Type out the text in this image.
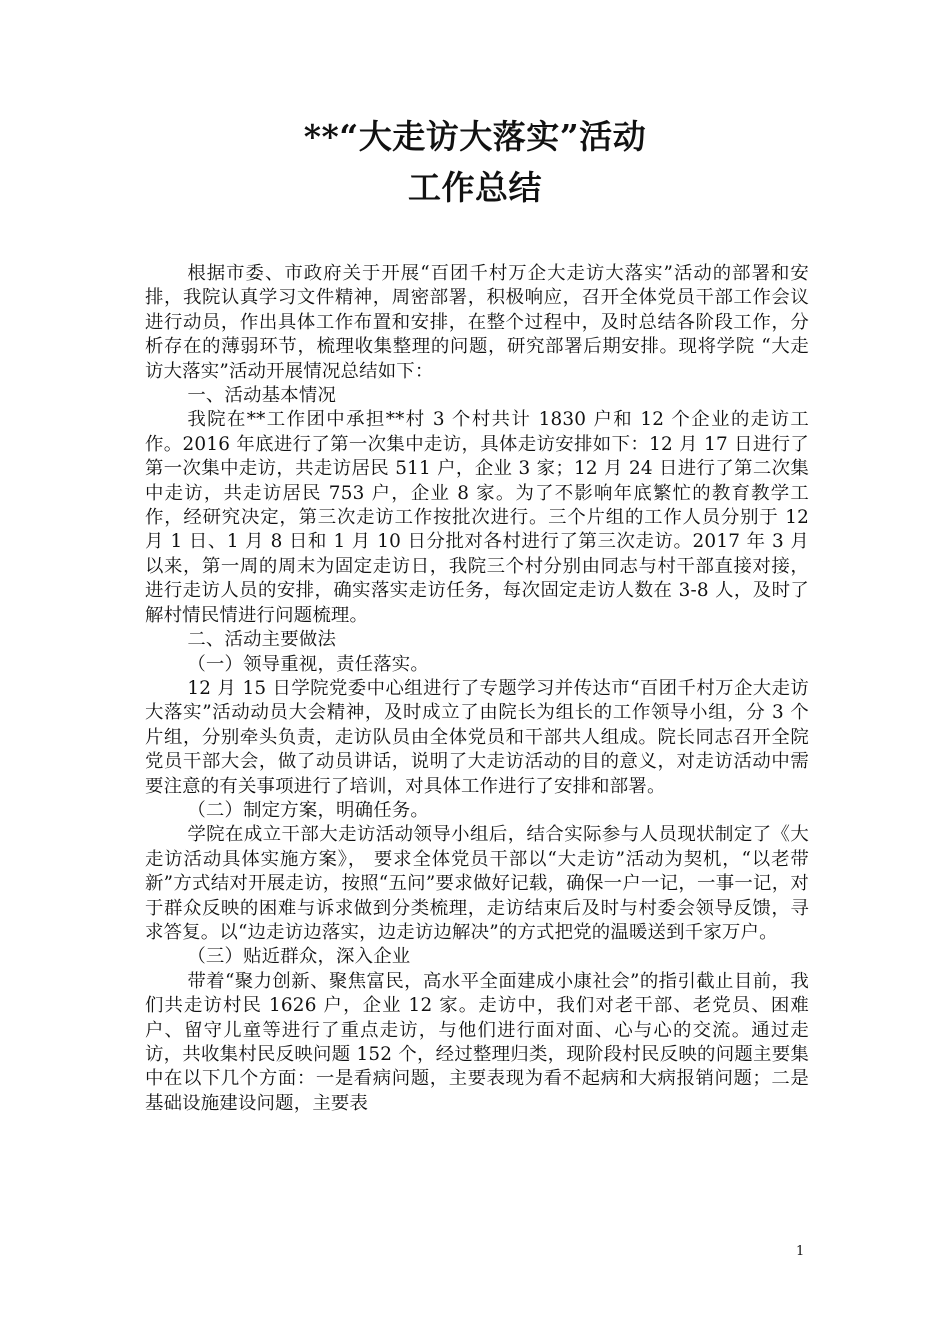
**“大走访大落实”活动
工作总结

根据市委、市政府关于开展“百团千村万企大走访大落实”活动的部署和安排，我院认真学习文件精神，周密部署，积极响应，召开全体党员干部工作会议进行动员，作出具体工作布置和安排，在整个过程中，及时总结各阶段工作，分析存在的薄弱环节，梳理收集整理的问题，研究部署后期安排。现将学院 “大走访大落实”活动开展情况总结如下：

一、活动基本情况

我院在**工作团中承担**村 3 个村共计 1830 户和 12 个企业的走访工作。2016 年底进行了第一次集中走访，具体走访安排如下：12 月 17 日进行了第一次集中走访，共走访居民 511 户，企业 3 家；12 月 24 日进行了第二次集中走访，共走访居民 753 户，企业 8 家。为了不影响年底繁忙的教育教学工作，经研究决定，第三次走访工作按批次进行。三个片组的工作人员分别于 12 月 1 日、1 月 8 日和 1 月 10 日分批对各村进行了第三次走访。2017 年 3 月以来，第一周的周末为固定走访日，我院三个村分别由同志与村干部直接对接，进行走访人员的安排，确实落实走访任务，每次固定走访人数在 3-8 人，及时了解村情民情进行问题梳理。

二、活动主要做法

（一）领导重视，责任落实。

12 月 15 日学院党委中心组进行了专题学习并传达市“百团千村万企大走访大落实”活动动员大会精神，及时成立了由院长为组长的工作领导小组，分 3 个片组，分别牵头负责，走访队员由全体党员和干部共人组成。院长同志召开全院党员干部大会，做了动员讲话，说明了大走访活动的目的意义，对走访活动中需要注意的有关事项进行了培训，对具体工作进行了安排和部署。

（二）制定方案，明确任务。

学院在成立干部大走访活动领导小组后，结合实际参与人员现状制定了《大走访活动具体实施方案》， 要求全体党员干部以“大走访”活动为契机，“以老带新”方式结对开展走访，按照“五问”要求做好记载，确保一户一记，一事一记，对于群众反映的困难与诉求做到分类梳理，走访结束后及时与村委会领导反馈，寻求答复。以“边走访边落实，边走访边解决”的方式把党的温暖送到千家万户。

（三）贴近群众，深入企业

带着“聚力创新、聚焦富民，高水平全面建成小康社会”的指引截止目前，我们共走访村民 1626 户，企业 12 家。走访中，我们对老干部、老党员、困难户、留守儿童等进行了重点走访，与他们进行面对面、心与心的交流。通过走访，共收集村民反映问题 152 个，经过整理归类，现阶段村民反映的问题主要集中在以下几个方面：一是看病问题，主要表现为看不起病和大病报销问题；二是基础设施建设问题，主要表

1
